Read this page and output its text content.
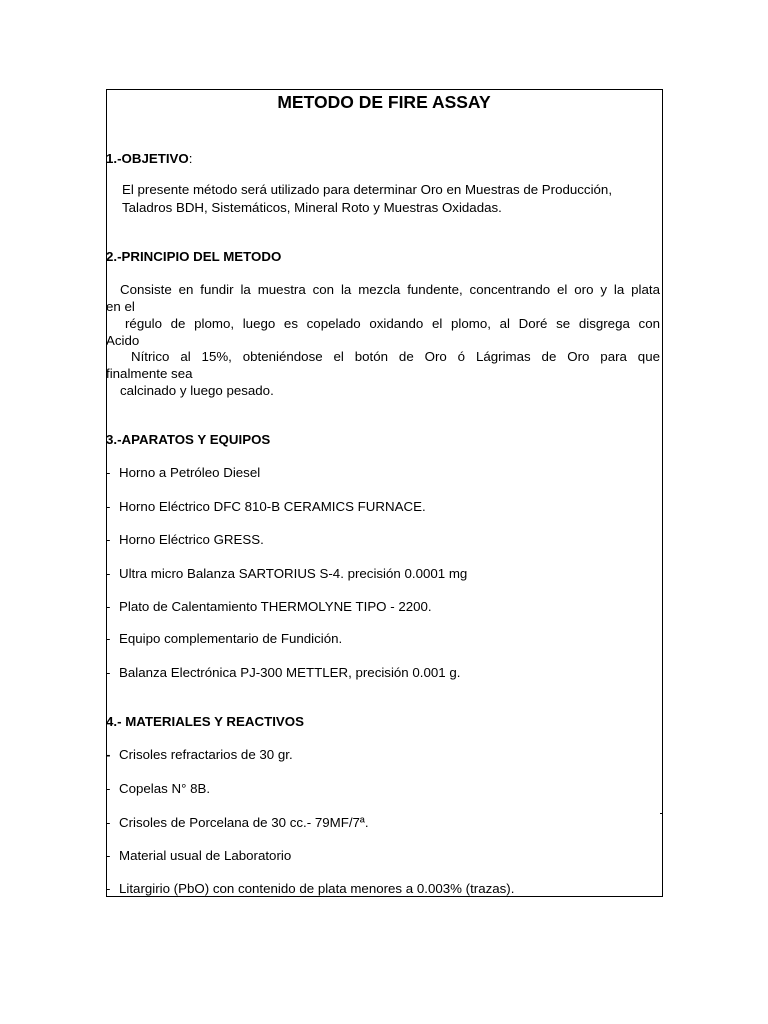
METODO DE FIRE ASSAY
1.-OBJETIVO:
El presente método será utilizado para determinar Oro en Muestras de Producción,
Taladros BDH, Sistemáticos, Mineral Roto y Muestras Oxidadas.
2.-PRINCIPIO DEL METODO
Consiste en fundir la muestra con la mezcla fundente, concentrando el oro y la plata
en el
régulo de plomo, luego es copelado oxidando el plomo, al Doré se disgrega con
Acido
Nítrico al 15%, obteniéndose el botón de Oro ó Lágrimas de Oro para que
finalmente sea
calcinado y luego pesado.
3.-APARATOS Y EQUIPOS
- Horno a Petróleo Diesel
- Horno Eléctrico DFC 810-B CERAMICS FURNACE.
- Horno Eléctrico GRESS.
- Ultra micro Balanza SARTORIUS S-4. precisión 0.0001 mg
- Plato de Calentamiento THERMOLYNE TIPO - 2200.
- Equipo complementario de Fundición.
- Balanza Electrónica PJ-300 METTLER, precisión 0.001 g.
4.- MATERIALES Y REACTIVOS
- Crisoles refractarios de 30 gr.
- Copelas N° 8B.
- Crisoles de Porcelana de 30 cc.- 79MF/7ª.
- Material usual de Laboratorio
- Litargirio (PbO) con contenido de plata menores a 0.003% (trazas).
